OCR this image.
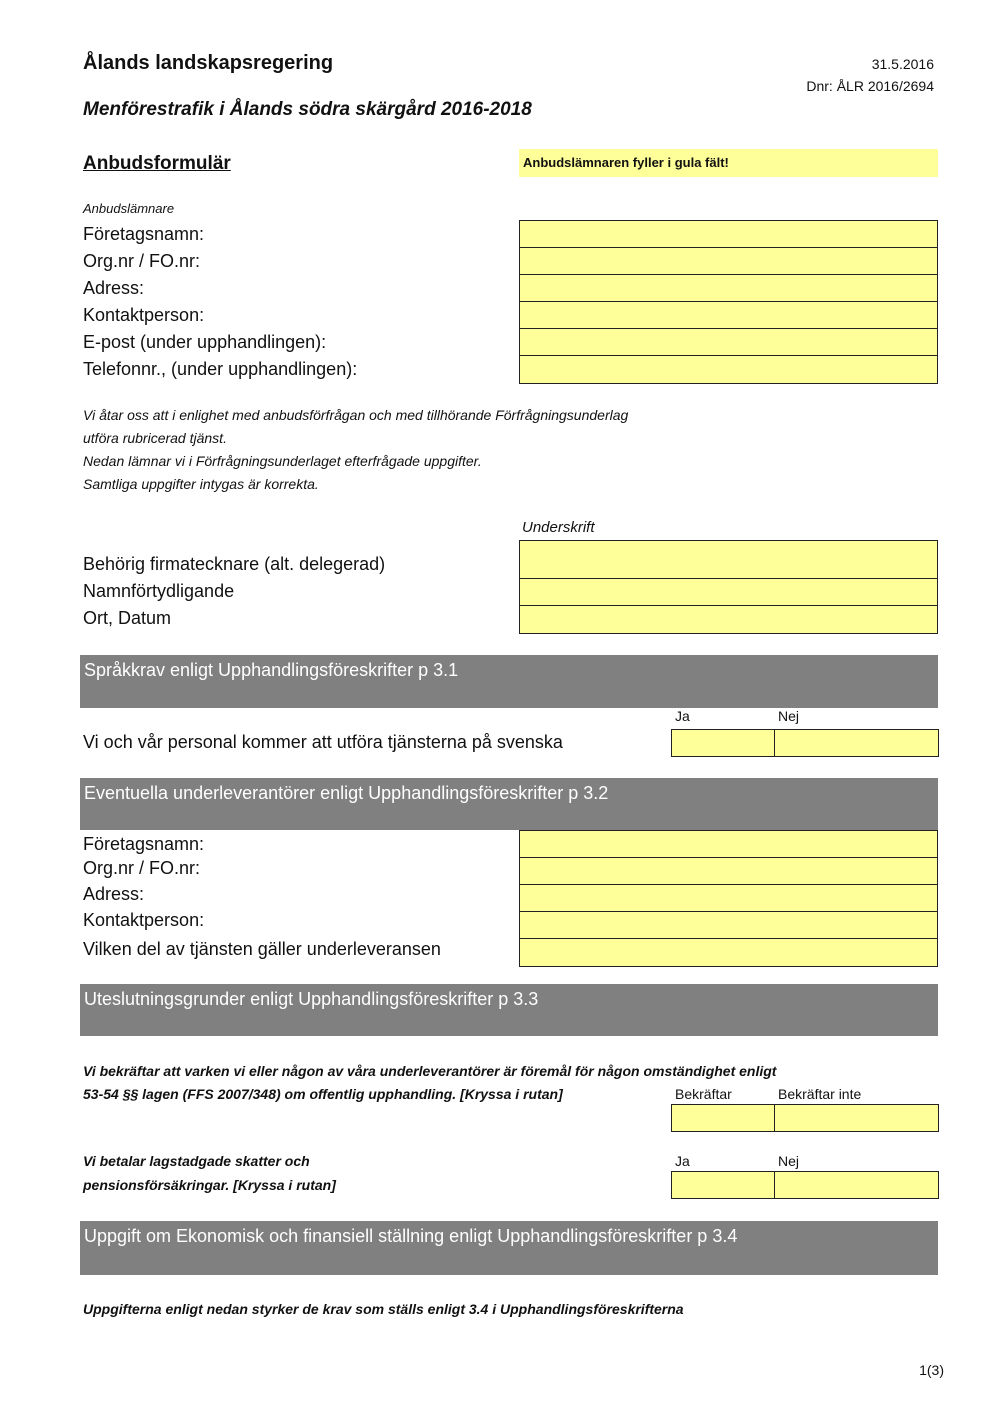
Ålands landskapsregering	31.5.2016
Dnr: ÅLR 2016/2694
Menförestrafik i Ålands södra skärgård 2016-2018
Anbudsformulär	Anbudslämnaren fyller i gula fält!
Anbudslämnare
Företagsnamn:
Org.nr / FO.nr:
Adress:
Kontaktperson:
E-post (under upphandlingen):
Telefonnr., (under upphandlingen):
Vi åtar oss att i enlighet med anbudsförfrågan och med tillhörande Förfrågningsunderlag
utföra rubricerad tjänst.
Nedan lämnar vi i Förfrågningsunderlaget efterfrågade uppgifter.
Samtliga uppgifter intygas är korrekta.
Underskrift
Behörig firmatecknare (alt. delegerad)
Namnförtydligande
Ort, Datum
Språkkrav enligt Upphandlingsföreskrifter p 3.1
Ja	Nej
Vi och vår personal kommer att utföra tjänsterna på svenska
Eventuella underleverantörer enligt Upphandlingsföreskrifter p 3.2
Företagsnamn:
Org.nr / FO.nr:
Adress:
Kontaktperson:
Vilken del av tjänsten gäller underleveransen
Uteslutningsgrunder enligt Upphandlingsföreskrifter p 3.3
Vi bekräftar att varken vi eller någon av våra underleverantörer är föremål för någon omständighet enligt
53-54 §§ lagen (FFS 2007/348) om offentlig upphandling. [Kryssa i rutan]	Bekräftar	Bekräftar inte
Vi betalar lagstadgade skatter och
pensionsförsäkringar. [Kryssa i rutan]
Ja	Nej
Uppgift om Ekonomisk och finansiell ställning enligt Upphandlingsföreskrifter p 3.4
Uppgifterna enligt nedan styrker de krav som ställs enligt 3.4 i Upphandlingsföreskrifterna
1(3)
